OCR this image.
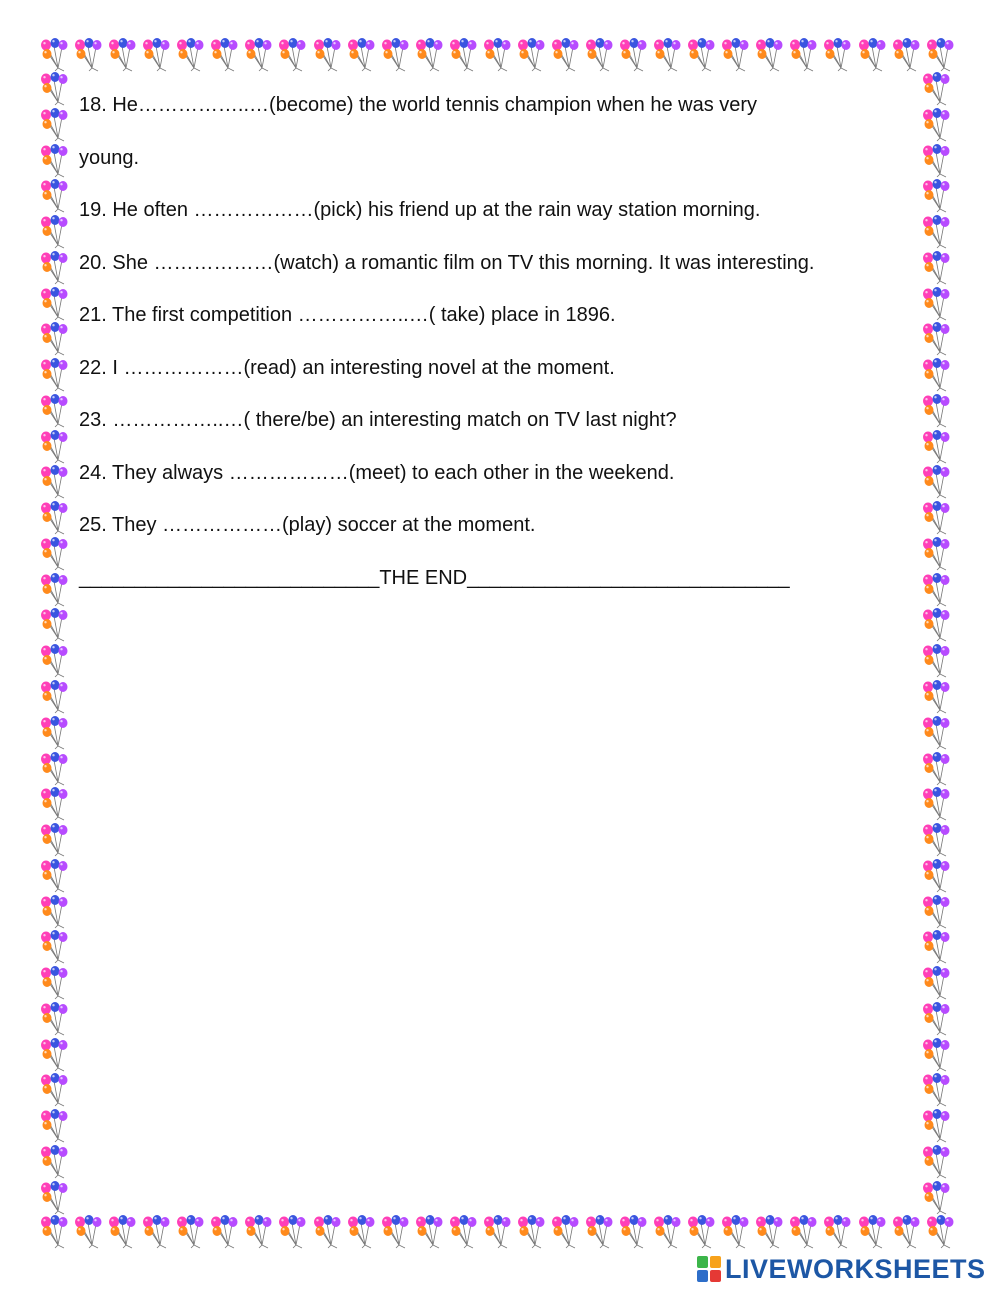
18. He……………..…(become) the world tennis champion when he was very
young.
19. He often ………………(pick) his friend up at the rain way station morning.
20. She ………………(watch) a romantic film on TV this morning. It was interesting.
21. The first competition ……………..…( take) place in 1896.
22. I ………………(read) an interesting novel at the moment.
23. ……………..…( there/be) an interesting match on TV last night?
24. They always ………………(meet) to each other in the weekend.
25. They ………………(play) soccer at the moment.
___________________________THE END_____________________________
LIVEWORKSHEETS
